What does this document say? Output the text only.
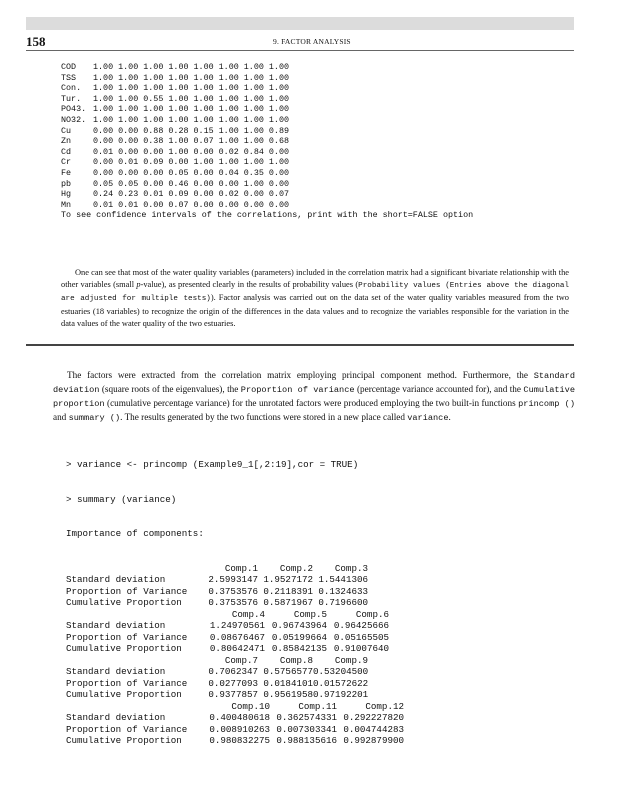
158	9. FACTOR ANALYSIS
COD 1.00 1.00 1.00 1.00 1.00 1.00 1.00 1.00
TSS 1.00 1.00 1.00 1.00 1.00 1.00 1.00 1.00
Con. 1.00 1.00 1.00 1.00 1.00 1.00 1.00 1.00
Tur. 1.00 1.00 0.55 1.00 1.00 1.00 1.00 1.00
PO43. 1.00 1.00 1.00 1.00 1.00 1.00 1.00 1.00
NO32. 1.00 1.00 1.00 1.00 1.00 1.00 1.00 1.00
Cu	0.00 0.00 0.88 0.28 0.15 1.00 1.00 0.89
Zn	0.00 0.00 0.38 1.00 0.07 1.00 1.00 0.68
Cd	0.01 0.00 0.00 1.00 0.00 0.02 0.84 0.00
Cr	0.00 0.01 0.09 0.00 1.00 1.00 1.00 1.00
Fe	0.00 0.00 0.00 0.05 0.00 0.04 0.35 0.00
pb	0.05 0.05 0.00 0.46 0.00 0.00 1.00 0.00
Hg	0.24 0.23 0.01 0.09 0.00 0.02 0.00 0.07
Mn	0.01 0.01 0.00 0.07 0.00 0.00 0.00 0.00
To see confidence intervals of the correlations, print with the short=FALSE option
One can see that most of the water quality variables (parameters) included in the correlation matrix had a significant bivariate relationship with the other variables (small p-value), as presented clearly in the results of probability values (Probability values (Entries above the diagonal are adjusted for multiple tests)). Factor analysis was carried out on the data set of the water quality variables measured from the two estuaries (18 variables) to recognize the origin of the differences in the data values and to recognize the variables responsible for the variation in the data values of the water quality of the two estuaries.
The factors were extracted from the correlation matrix employing principal component method. Furthermore, the Standard deviation (square roots of the eigenvalues), the Proportion of variance (percentage variance accounted for), and the Cumulative proportion (cumulative percentage variance) for the unrotated factors were produced employing the two built-in functions princomp () and summary (). The results generated by the two functions were stored in a new place called variance.

> variance <- princomp (Example9_1[,2:19],cor = TRUE)

> summary (variance)

Importance of components:

Comp.1	Comp.2	Comp.3
Standard deviation	2.5993147 1.9527172 1.5441306
Proportion of Variance	0.3753576 0.2118391 0.1324633
Cumulative Proportion	0.3753576 0.5871967 0.7196600
Comp.4	Comp.5	Comp.6
Standard deviation	1.24970561 0.96743964 0.96425666
Proportion of Variance	0.08676467 0.05199664 0.05165505
Cumulative Proportion	0.80642471 0.85842135 0.91007640
Comp.7	Comp.8	Comp.9
Standard deviation	0.7062347 0.5756577 0.53204500
Proportion of Variance	0.0277093 0.0184101 0.01572622
Cumulative Proportion	0.9377857 0.9561958 0.97192201
Comp.10	Comp.11	Comp.12
Standard deviation	0.400480618 0.362574331 0.292227820
Proportion of Variance	0.008910263 0.007303341 0.004744283
Cumulative Proportion	0.980832275 0.988135616 0.992879900
